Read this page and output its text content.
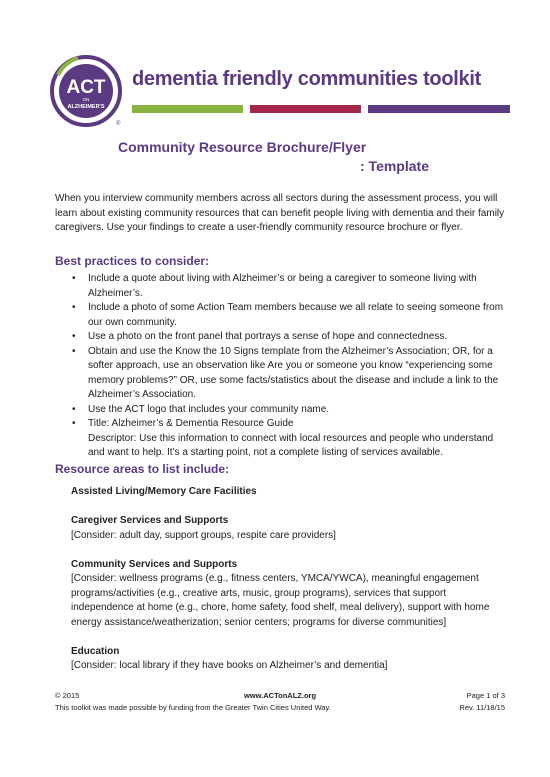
ACT
ON
ALZHEIMER'S
®
dementia friendly communities toolkit
Community Resource Brochure/Flyer
: Template
When you interview community members across all sectors during the assessment process, you will learn about existing community resources that can benefit people living with dementia and their family caregivers. Use your findings to create a user-friendly community resource brochure or flyer.
Best practices to consider:
• Include a quote about living with Alzheimer’s or being a caregiver to someone living with Alzheimer’s.
• Include a photo of some Action Team members because we all relate to seeing someone from our own community.
• Use a photo on the front panel that portrays a sense of hope and connectedness.
• Obtain and use the Know the 10 Signs template from the Alzheimer’s Association; OR, for a softer approach, use an observation like Are you or someone you know “experiencing some memory problems?” OR, use some facts/statistics about the disease and include a link to the Alzheimer’s Association.
• Use the ACT logo that includes your community name.
• Title: Alzheimer’s & Dementia Resource Guide
Descriptor: Use this information to connect with local resources and people who understand and want to help. It’s a starting point, not a complete listing of services available.
Resource areas to list include:
Assisted Living/Memory Care Facilities
Caregiver Services and Supports
[Consider: adult day, support groups, respite care providers]
Community Services and Supports
[Consider: wellness programs (e.g., fitness centers, YMCA/YWCA), meaningful engagement programs/activities (e.g., creative arts, music, group programs), services that support independence at home (e.g., chore, home safety, food shelf, meal delivery), support with home energy assistance/weatherization; senior centers; programs for diverse communities]
Education
[Consider: local library if they have books on Alzheimer’s and dementia]
© 2015	www.ACTonALZ.org	Page 1 of 3
This toolkit was made possible by funding from the Greater Twin Cities United Way.	Rev. 11/18/15
